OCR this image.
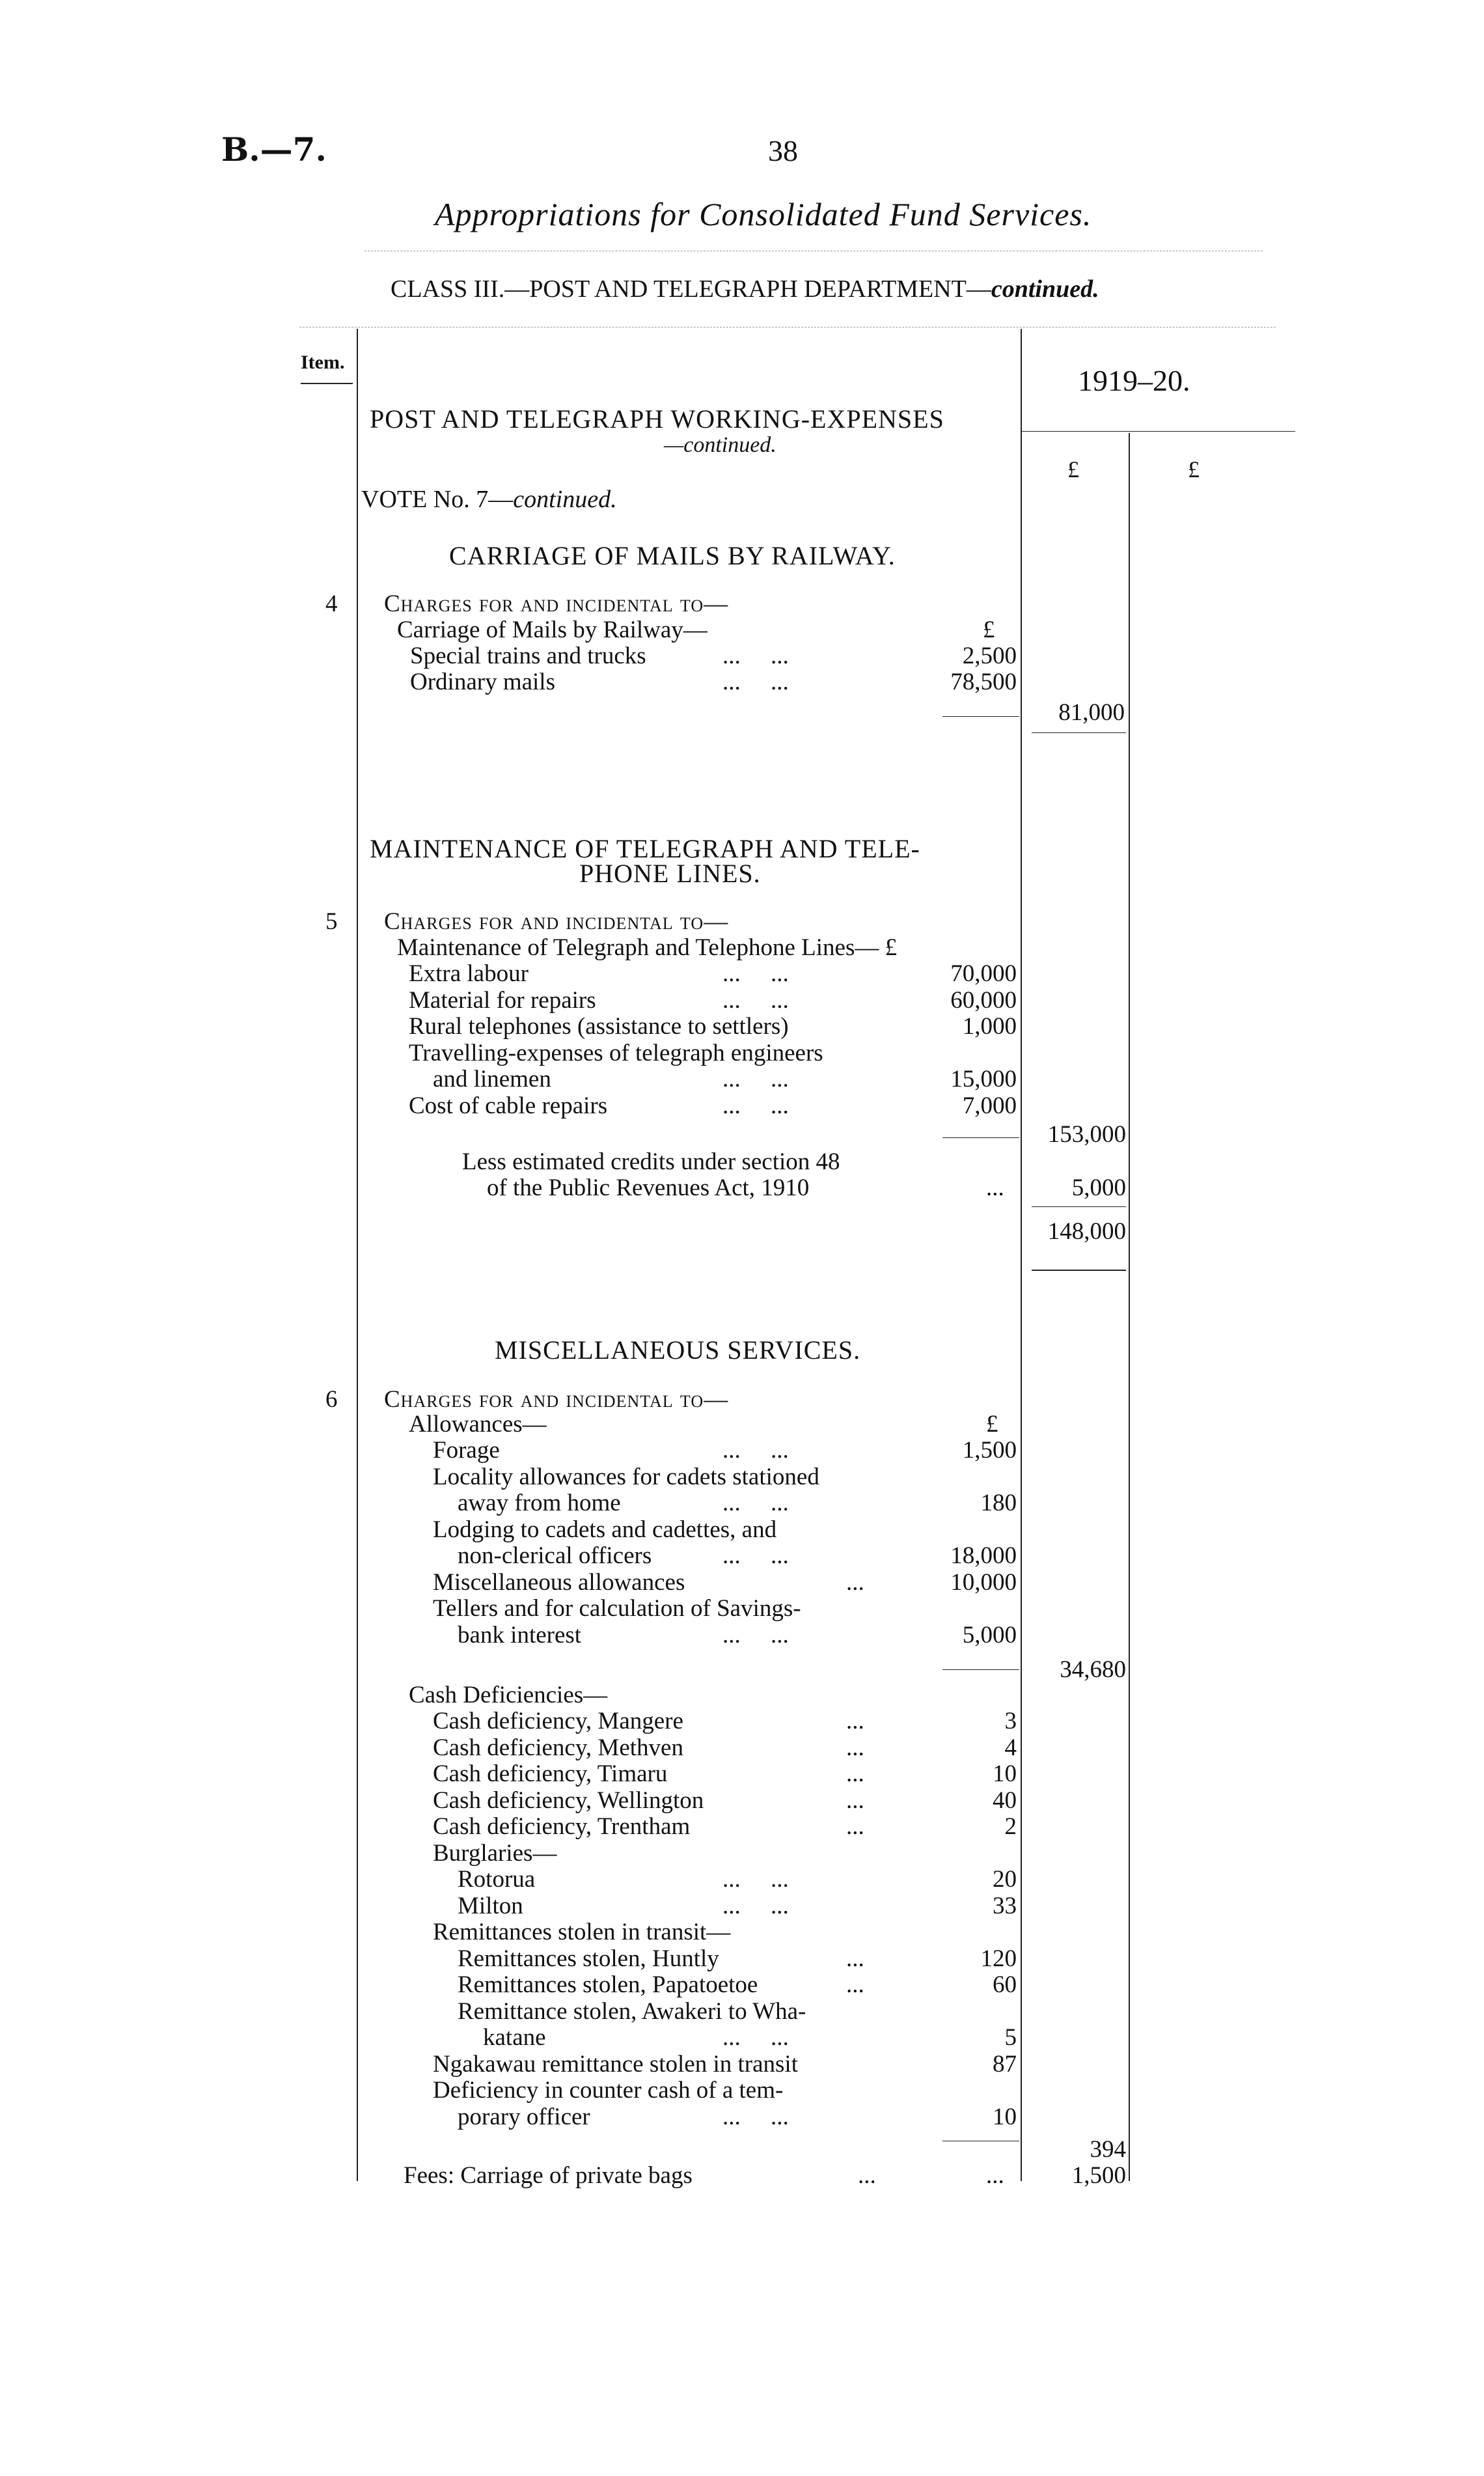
B.—7.	38
Appropriations for Consolidated Fund Services.
CLASS III.—POST AND TELEGRAPH DEPARTMENT—continued.
Item.
1919–20.
£	£
POST AND TELEGRAPH WORKING-EXPENSES
—continued.
VOTE No. 7—continued.
CARRIAGE OF MAILS BY RAILWAY.
4 Charges for and incidental to—
Carriage of Mails by Railway—	£
Special trains and trucks	...     ...	2,500
Ordinary mails	...     ...	78,500
81,000
MAINTENANCE OF TELEGRAPH AND TELE-
PHONE LINES.
5 Charges for and incidental to—
Maintenance of Telegraph and Telephone Lines— £
Extra labour	...     ...	70,000
Material for repairs	...     ...	60,000
Rural telephones (assistance to settlers)	1,000
Travelling-expenses of telegraph engineers
and linemen	...     ...	15,000
Cost of cable repairs	...     ...	7,000
153,000
Less estimated credits under section 48
of the Public Revenues Act, 1910	...	5,000
148,000
MISCELLANEOUS SERVICES.
6 Charges for and incidental to—
Allowances—	£
Forage	...     ...	1,500
Locality allowances for cadets stationed
away from home	...     ...	180
Lodging to cadets and cadettes, and
non-clerical officers	...     ...	18,000
Miscellaneous allowances	...	10,000
Tellers and for calculation of Savings-
bank interest	...     ...	5,000
34,680
Cash Deficiencies—
Cash deficiency, Mangere	...	3
Cash deficiency, Methven	...	4
Cash deficiency, Timaru	...	10
Cash deficiency, Wellington	...	40
Cash deficiency, Trentham	...	2
Burglaries—
Rotorua	...     ...	20
Milton	...     ...	33
Remittances stolen in transit—
Remittances stolen, Huntly	...	120
Remittances stolen, Papatoetoe	...	60
Remittance stolen, Awakeri to Wha-
katane	...     ...	5
Ngakawau remittance stolen in transit	87
Deficiency in counter cash of a tem-
porary officer	...     ...	10
394
Fees: Carriage of private bags	...	...	1,500
